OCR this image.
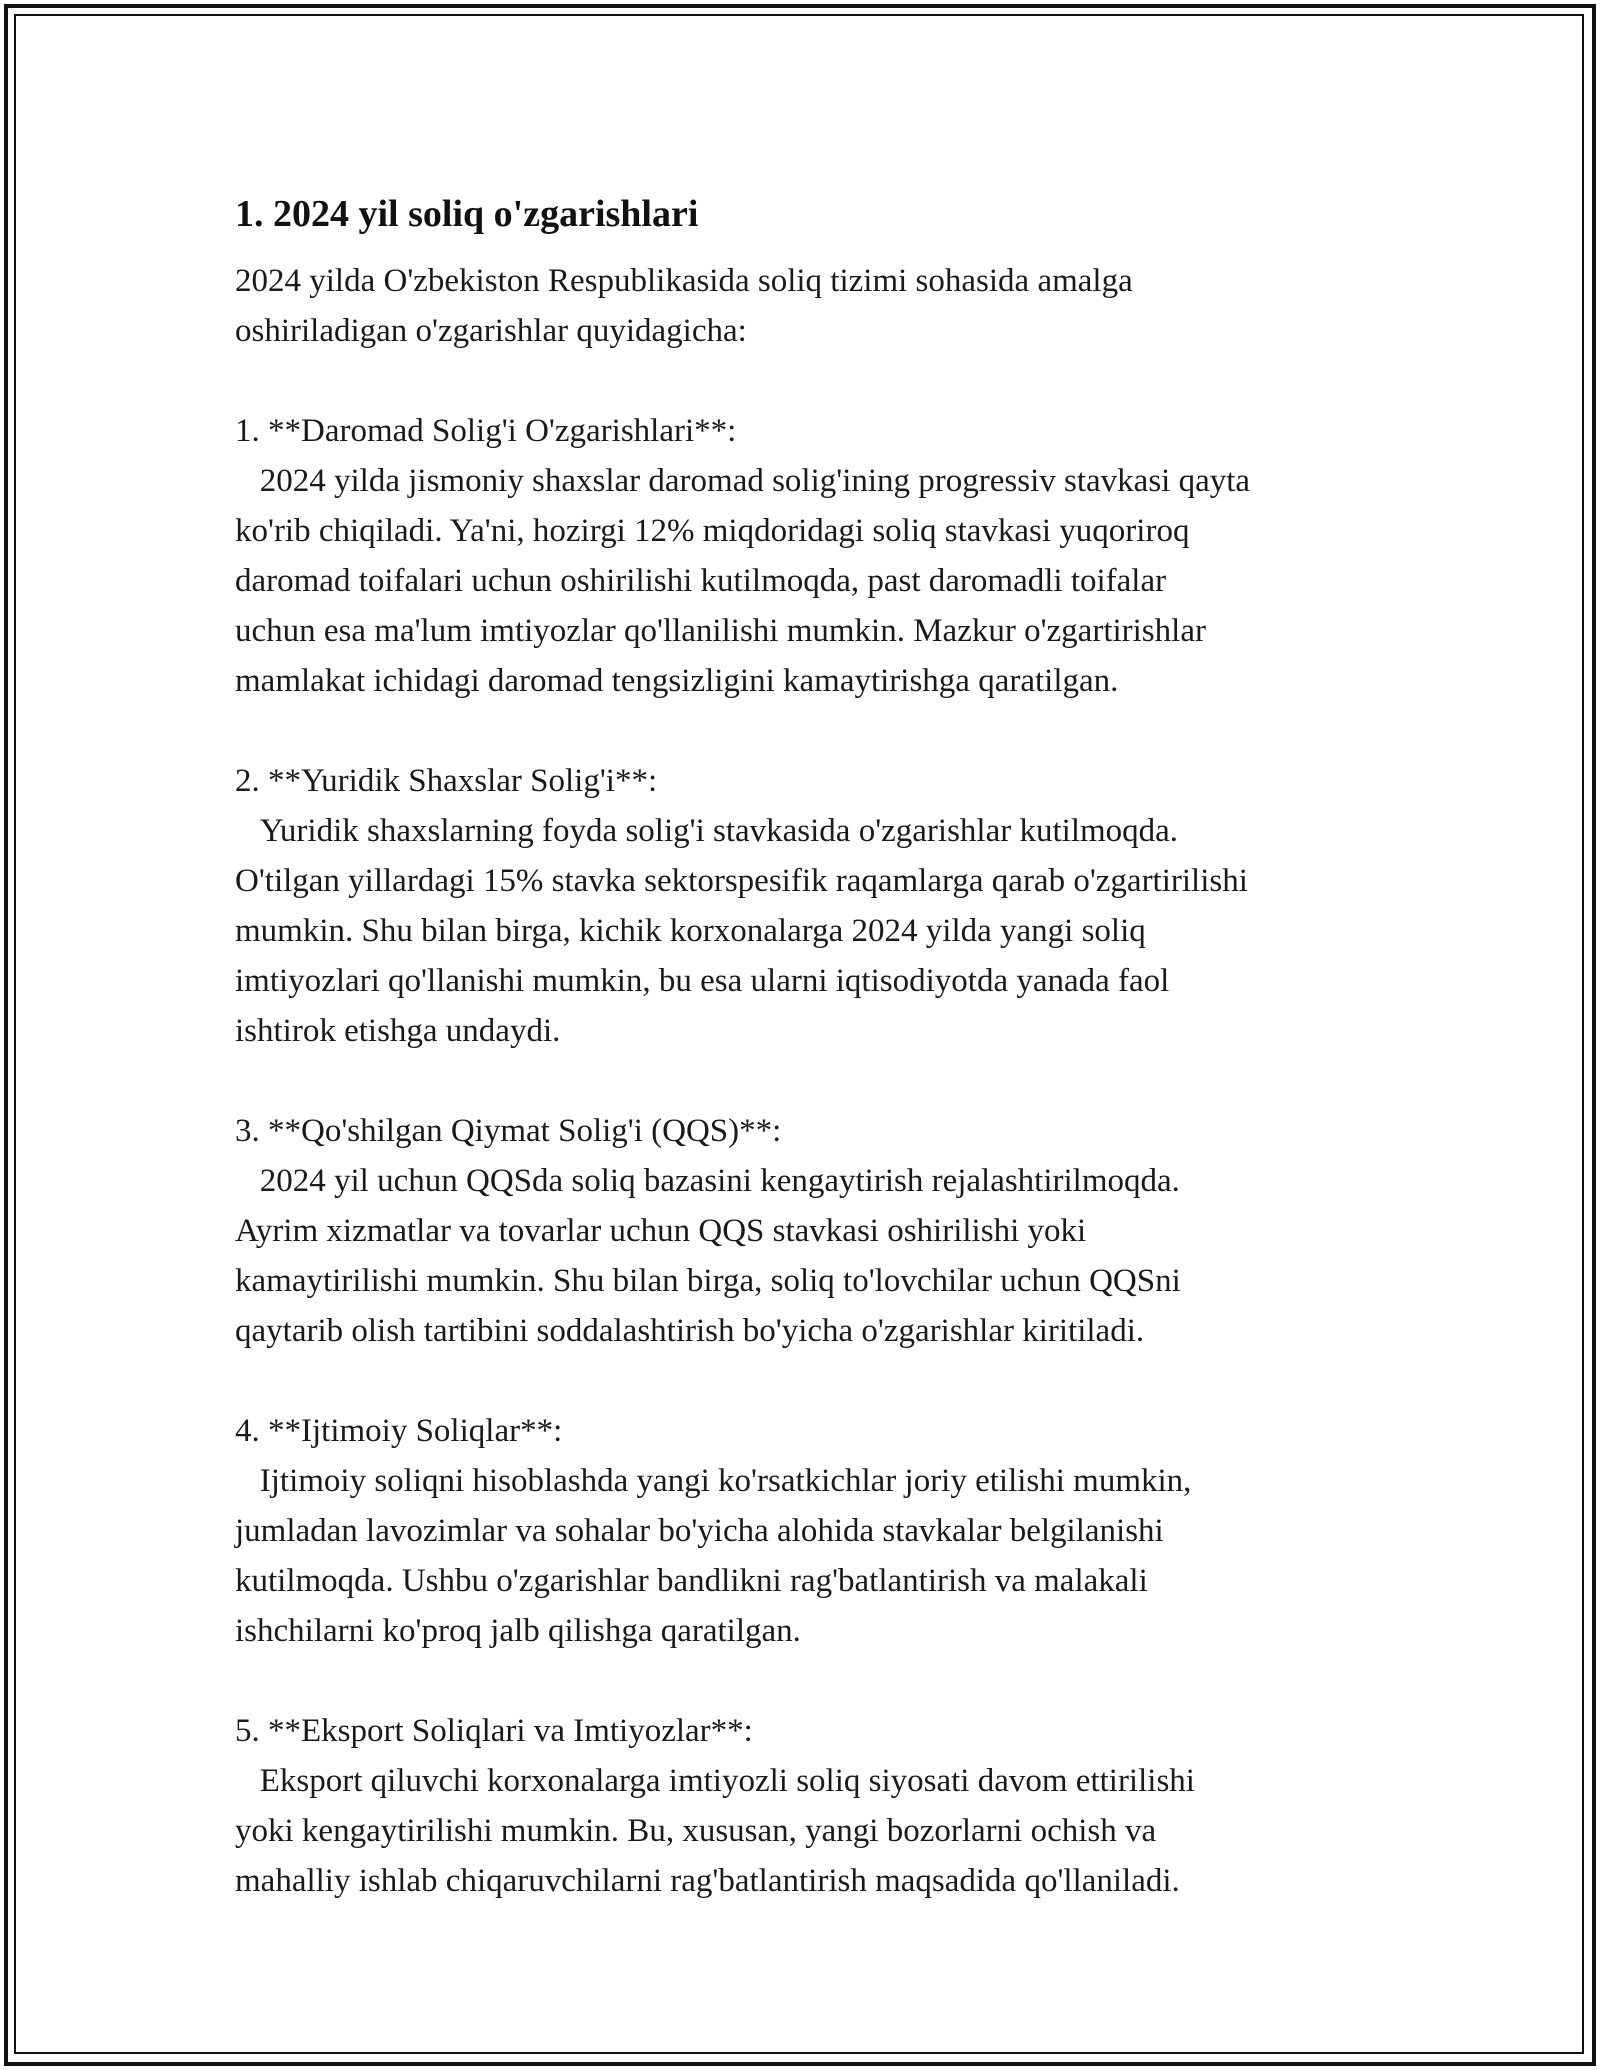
1. 2024 yil soliq o'zgarishlari

2024 yilda O'zbekiston Respublikasida soliq tizimi sohasida amalga
oshiriladigan o'zgarishlar quyidagicha:

1. **Daromad Solig'i O'zgarishlari**:
2024 yilda jismoniy shaxslar daromad solig'ining progressiv stavkasi qayta
ko'rib chiqiladi. Ya'ni, hozirgi 12% miqdoridagi soliq stavkasi yuqoriroq
daromad toifalari uchun oshirilishi kutilmoqda, past daromadli toifalar
uchun esa ma'lum imtiyozlar qo'llanilishi mumkin. Mazkur o'zgartirishlar
mamlakat ichidagi daromad tengsizligini kamaytirishga qaratilgan.
2. **Yuridik Shaxslar Solig'i**:
Yuridik shaxslarning foyda solig'i stavkasida o'zgarishlar kutilmoqda.
O'tilgan yillardagi 15% stavka sektorspesifik raqamlarga qarab o'zgartirilishi
mumkin. Shu bilan birga, kichik korxonalarga 2024 yilda yangi soliq
imtiyozlari qo'llanishi mumkin, bu esa ularni iqtisodiyotda yanada faol
ishtirok etishga undaydi.
3. **Qo'shilgan Qiymat Solig'i (QQS)**:
2024 yil uchun QQSda soliq bazasini kengaytirish rejalashtirilmoqda.
Ayrim xizmatlar va tovarlar uchun QQS stavkasi oshirilishi yoki
kamaytirilishi mumkin. Shu bilan birga, soliq to'lovchilar uchun QQSni
qaytarib olish tartibini soddalashtirish bo'yicha o'zgarishlar kiritiladi.
4. **Ijtimoiy Soliqlar**:
Ijtimoiy soliqni hisoblashda yangi ko'rsatkichlar joriy etilishi mumkin,
jumladan lavozimlar va sohalar bo'yicha alohida stavkalar belgilanishi
kutilmoqda. Ushbu o'zgarishlar bandlikni rag'batlantirish va malakali
ishchilarni ko'proq jalb qilishga qaratilgan.
5. **Eksport Soliqlari va Imtiyozlar**:
Eksport qiluvchi korxonalarga imtiyozli soliq siyosati davom ettirilishi
yoki kengaytirilishi mumkin. Bu, xususan, yangi bozorlarni ochish va
mahalliy ishlab chiqaruvchilarni rag'batlantirish maqsadida qo'llaniladi.
